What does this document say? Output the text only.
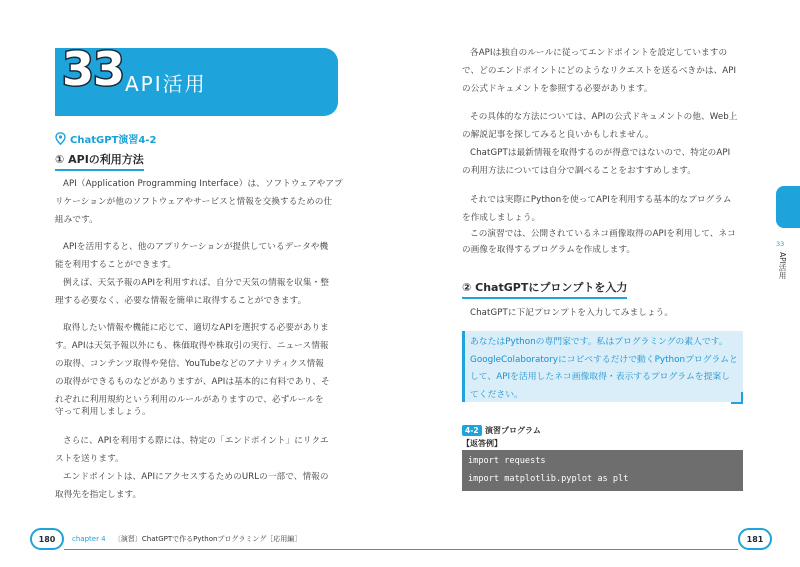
33 API活用
ChatGPT演習4-2
① APIの利用方法
API（Application Programming Interface）は、ソフトウェアやアプ
リケーションが他のソフトウェアやサービスと情報を交換するための仕
組みです。
APIを活用すると、他のアプリケーションが提供しているデータや機
能を利用することができます。
例えば、天気予報のAPIを利用すれば、自分で天気の情報を収集・整
理する必要なく、必要な情報を簡単に取得することができます。
取得したい情報や機能に応じて、適切なAPIを選択する必要がありま
す。APIは天気予報以外にも、株価取得や株取引の実行、ニュース情報
の取得、コンテンツ取得や発信、YouTubeなどのアナリティクス情報
の取得ができるものなどがありますが、APIは基本的に有料であり、そ
れぞれに利用規約という利用のルールがありますので、必ずルールを
守って利用しましょう。
さらに、APIを利用する際には、特定の「エンドポイント」にリクエ
ストを送ります。
エンドポイントは、APIにアクセスするためのURLの一部で、情報の
取得先を指定します。
各APIは独自のルールに従ってエンドポイントを設定していますの
で、どのエンドポイントにどのようなリクエストを送るべきかは、API
の公式ドキュメントを参照する必要があります。
その具体的な方法については、APIの公式ドキュメントの他、Web上
の解説記事を探してみると良いかもしれません。
ChatGPTは最新情報を取得するのが得意ではないので、特定のAPI
の利用方法については自分で調べることをおすすめします。
それでは実際にPythonを使ってAPIを利用する基本的なプログラム
を作成しましょう。
この演習では、公開されているネコ画像取得のAPIを利用して、ネコ
の画像を取得するプログラムを作成します。
② ChatGPTにプロンプトを入力
ChatGPTに下記プロンプトを入力してみましょう。
あなたはPythonの専門家です。私はプログラミングの素人です。
GoogleColaboratoryにコピペするだけで動くPythonプログラムと
して、APIを活用したネコ画像取得・表示するプログラムを提案し
てください。
4-2 演習プログラム
【返答例】
import requests
import matplotlib.pyplot as plt
chapter 4
33
API活用
180	181
chapter 4 〔演習〕ChatGPTで作るPythonプログラミング［応用編］
